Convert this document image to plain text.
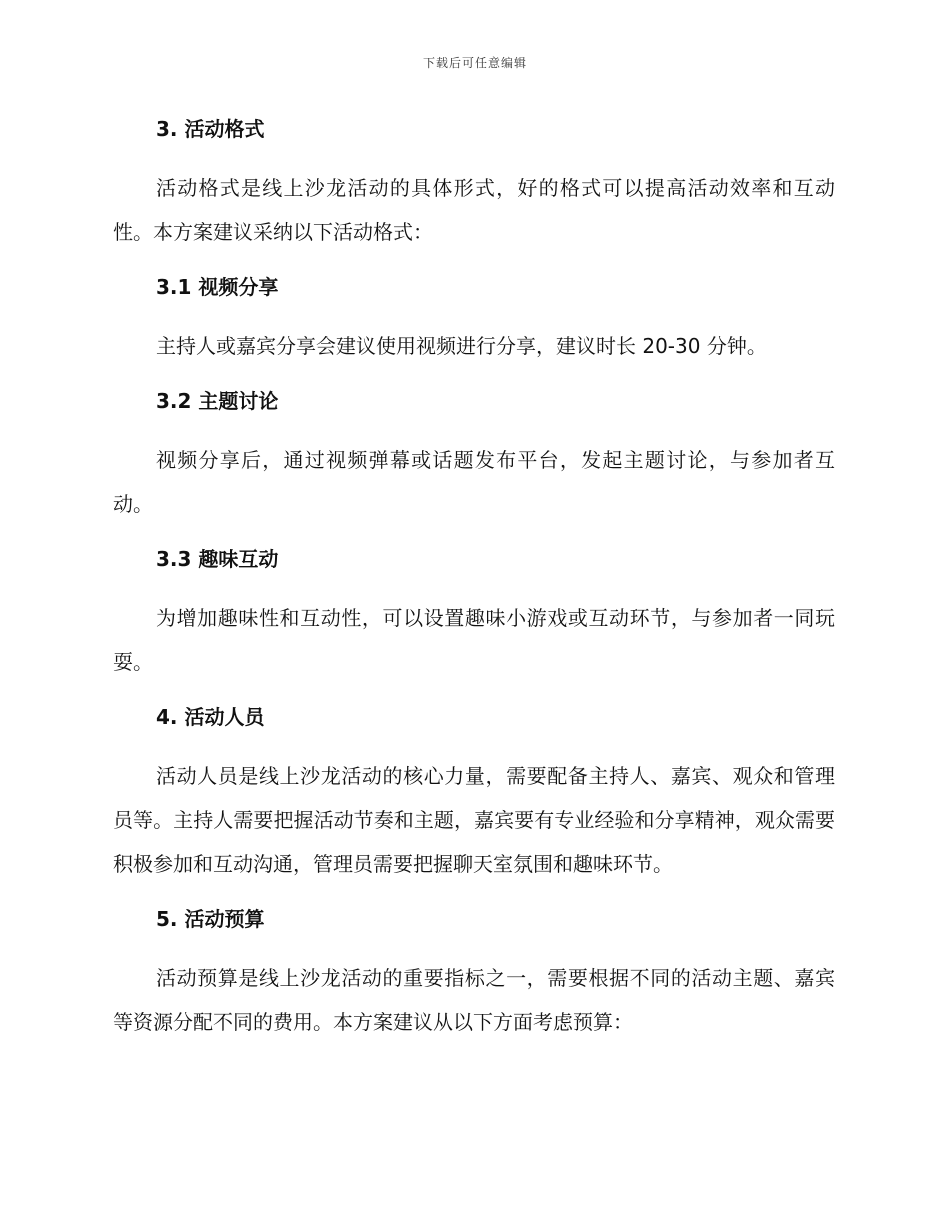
下载后可任意编辑
3. 活动格式

活动格式是线上沙龙活动的具体形式，好的格式可以提高活动效率和互动性。本方案建议采纳以下活动格式：

3.1 视频分享

主持人或嘉宾分享会建议使用视频进行分享，建议时长 20-30 分钟。

3.2 主题讨论

视频分享后，通过视频弹幕或话题发布平台，发起主题讨论，与参加者互动。

3.3 趣味互动

为增加趣味性和互动性，可以设置趣味小游戏或互动环节，与参加者一同玩耍。

4. 活动人员

活动人员是线上沙龙活动的核心力量，需要配备主持人、嘉宾、观众和管理员等。主持人需要把握活动节奏和主题，嘉宾要有专业经验和分享精神，观众需要积极参加和互动沟通，管理员需要把握聊天室氛围和趣味环节。

5. 活动预算

活动预算是线上沙龙活动的重要指标之一，需要根据不同的活动主题、嘉宾等资源分配不同的费用。本方案建议从以下方面考虑预算：
